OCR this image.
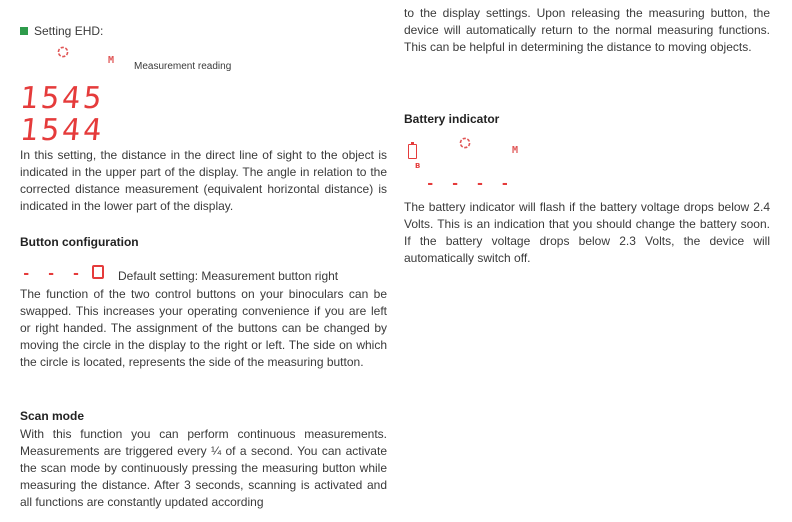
Setting EHD:
M
Measurement reading
1545
1544

In this setting, the distance in the direct line of sight to the object is indicated in the upper part of the display. The angle in relation to the corrected distance measurement (equivalent horizontal distance) is indicated in the lower part of the display.

Button configuration

- - -	Default setting: Measurement button right

The function of the two control buttons on your binoculars can be swapped. This increases your operating convenience if you are left or right handed. The assignment of the buttons can be changed by moving the circle in the display to the right or left. The side on which the circle is located, represents the side of the measuring button.

Scan mode

With this function you can perform continuous measurements. Measurements are triggered every ¼ of a second. You can activate the scan mode by continuously pressing the measuring button while measuring the distance. After 3 seconds, scanning is activated and all functions are constantly updated according

to the display settings. Upon releasing the measuring button, the device will automatically return to the normal measuring functions. This can be helpful in determining the distance to moving objects.

Battery indicator

B
M
- - - -

The battery indicator will flash if the battery voltage drops below 2.4 Volts. This is an indication that you should change the battery soon. If the battery voltage drops below 2.3 Volts, the device will automatically switch off.
